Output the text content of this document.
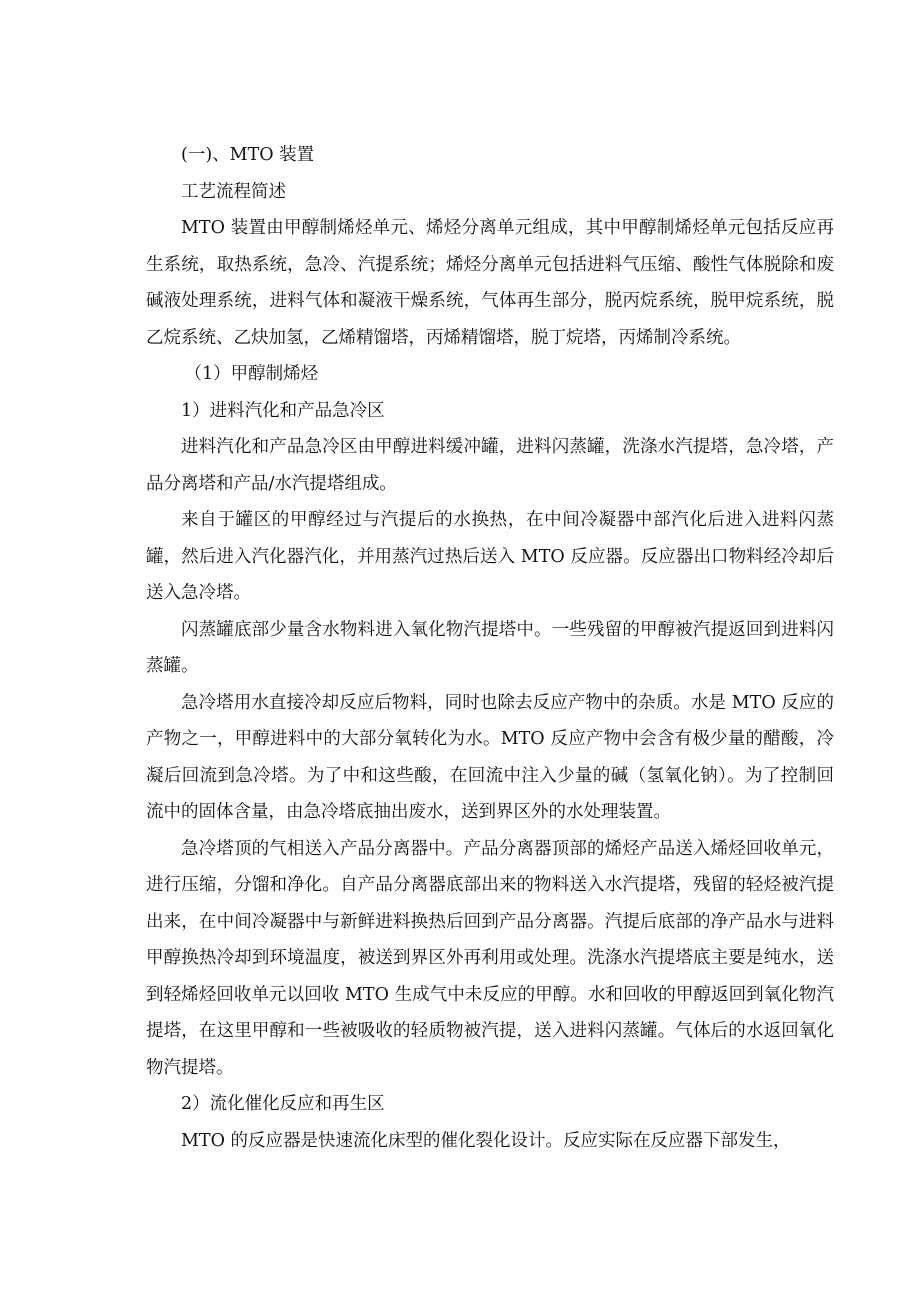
(一)、MTO 装置

工艺流程简述

MTO 装置由甲醇制烯烃单元、烯烃分离单元组成，其中甲醇制烯烃单元包括反应再生系统，取热系统，急冷、汽提系统；烯烃分离单元包括进料气压缩、酸性气体脱除和废碱液处理系统，进料气体和凝液干燥系统，气体再生部分，脱丙烷系统，脱甲烷系统，脱乙烷系统、乙炔加氢，乙烯精馏塔，丙烯精馏塔，脱丁烷塔，丙烯制冷系统。

（1）甲醇制烯烃

1）进料汽化和产品急冷区

进料汽化和产品急冷区由甲醇进料缓冲罐，进料闪蒸罐，洗涤水汽提塔，急冷塔，产品分离塔和产品/水汽提塔组成。

来自于罐区的甲醇经过与汽提后的水换热，在中间冷凝器中部汽化后进入进料闪蒸罐，然后进入汽化器汽化，并用蒸汽过热后送入 MTO 反应器。反应器出口物料经冷却后送入急冷塔。

闪蒸罐底部少量含水物料进入氧化物汽提塔中。一些残留的甲醇被汽提返回到进料闪蒸罐。

急冷塔用水直接冷却反应后物料，同时也除去反应产物中的杂质。水是 MTO 反应的产物之一，甲醇进料中的大部分氧转化为水。MTO 反应产物中会含有极少量的醋酸，冷凝后回流到急冷塔。为了中和这些酸，在回流中注入少量的碱（氢氧化钠）。为了控制回流中的固体含量，由急冷塔底抽出废水，送到界区外的水处理装置。

急冷塔顶的气相送入产品分离器中。产品分离器顶部的烯烃产品送入烯烃回收单元，进行压缩，分馏和净化。自产品分离器底部出来的物料送入水汽提塔，残留的轻烃被汽提出来，在中间冷凝器中与新鲜进料换热后回到产品分离器。汽提后底部的净产品水与进料甲醇换热冷却到环境温度，被送到界区外再利用或处理。洗涤水汽提塔底主要是纯水，送到轻烯烃回收单元以回收 MTO 生成气中未反应的甲醇。水和回收的甲醇返回到氧化物汽提塔，在这里甲醇和一些被吸收的轻质物被汽提，送入进料闪蒸罐。气体后的水返回氧化物汽提塔。

2）流化催化反应和再生区

MTO 的反应器是快速流化床型的催化裂化设计。反应实际在反应器下部发生，
